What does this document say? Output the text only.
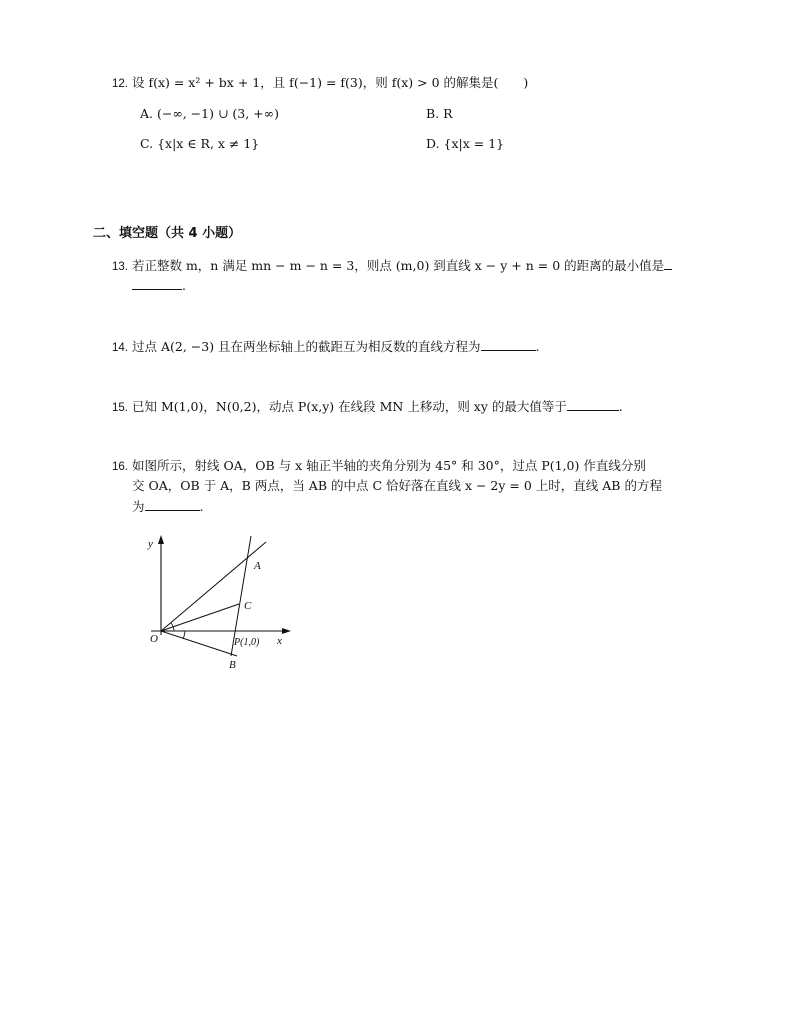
12. 设 f(x) = x² + bx + 1，且 f(−1) = f(3)，则 f(x) > 0 的解集是(　　)
A. (−∞, −1) ∪ (3, +∞)	B. R
C. {x|x ∈ R, x ≠ 1}	D. {x|x = 1}
二、填空题（共 4 小题）
13. 若正整数 m，n 满足 mn − m − n = 3，则点 (m,0) 到直线 x − y + n = 0 的距离的最小值是
.
14. 过点 A(2, −3) 且在两坐标轴上的截距互为相反数的直线方程为	.
15. 已知 M(1,0)，N(0,2)，动点 P(x,y) 在线段 MN 上移动，则 xy 的最大值等于	.
16. 如图所示，射线 OA，OB 与 x 轴正半轴的夹角分别为 45° 和 30°，过点 P(1,0) 作直线分别
交 OA，OB 于 A，B 两点，当 AB 的中点 C 恰好落在直线 x − 2y = 0 上时，直线 AB 的方程
为	.
y
x
O
A
C
P(1,0)
B
